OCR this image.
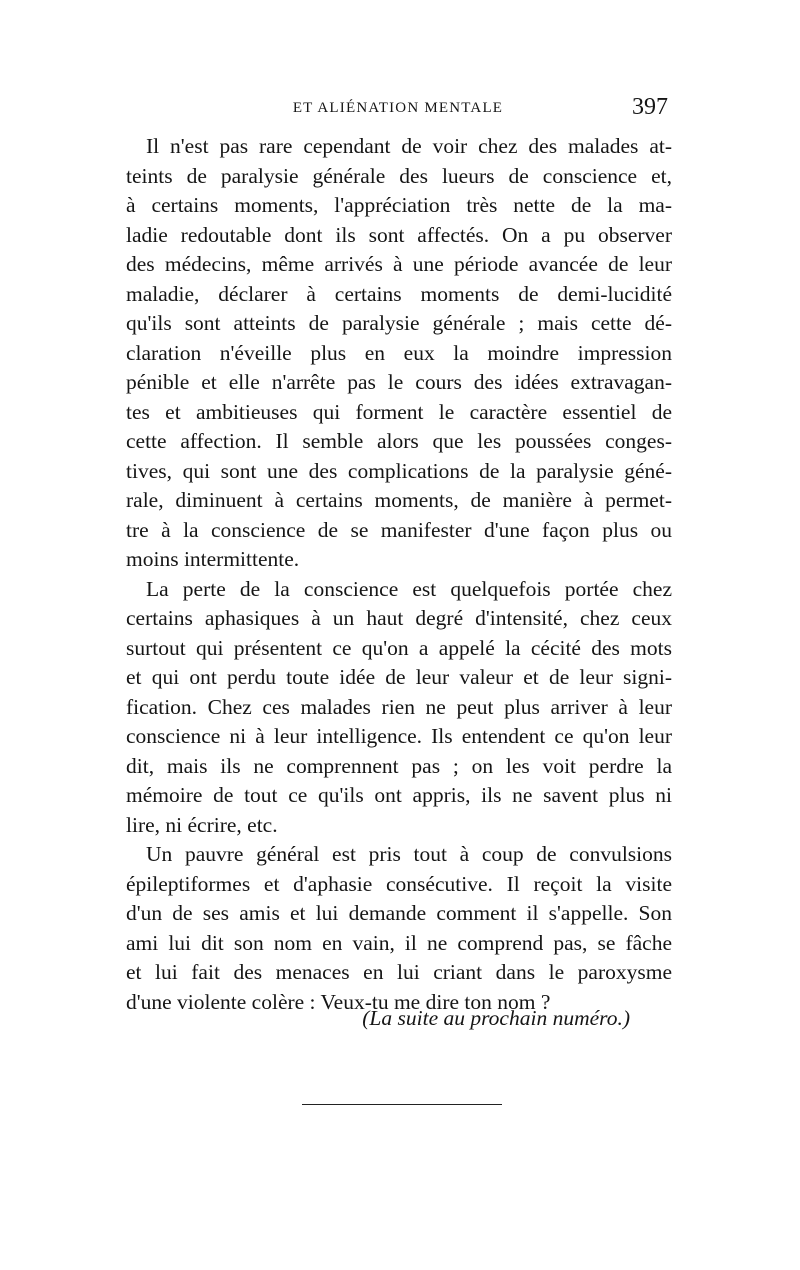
ET ALIÉNATION MENTALE	397
Il n'est pas rare cependant de voir chez des malades at-
teints de paralysie générale des lueurs de conscience et,
à certains moments, l'appréciation très nette de la ma-
ladie redoutable dont ils sont affectés. On a pu observer
des médecins, même arrivés à une période avancée de leur
maladie, déclarer à certains moments de demi-lucidité
qu'ils sont atteints de paralysie générale ; mais cette dé-
claration n'éveille plus en eux la moindre impression
pénible et elle n'arrête pas le cours des idées extravagan-
tes et ambitieuses qui forment le caractère essentiel de
cette affection. Il semble alors que les poussées conges-
tives, qui sont une des complications de la paralysie géné-
rale, diminuent à certains moments, de manière à permet-
tre à la conscience de se manifester d'une façon plus ou
moins intermittente.
La perte de la conscience est quelquefois portée chez
certains aphasiques à un haut degré d'intensité, chez ceux
surtout qui présentent ce qu'on a appelé la cécité des mots
et qui ont perdu toute idée de leur valeur et de leur signi-
fication. Chez ces malades rien ne peut plus arriver à leur
conscience ni à leur intelligence. Ils entendent ce qu'on leur
dit, mais ils ne comprennent pas ; on les voit perdre la
mémoire de tout ce qu'ils ont appris, ils ne savent plus ni
lire, ni écrire, etc.
Un pauvre général est pris tout à coup de convulsions
épileptiformes et d'aphasie consécutive. Il reçoit la visite
d'un de ses amis et lui demande comment il s'appelle. Son
ami lui dit son nom en vain, il ne comprend pas, se fâche
et lui fait des menaces en lui criant dans le paroxysme
d'une violente colère : Veux-tu me dire ton nom ?
(La suite au prochain numéro.)
